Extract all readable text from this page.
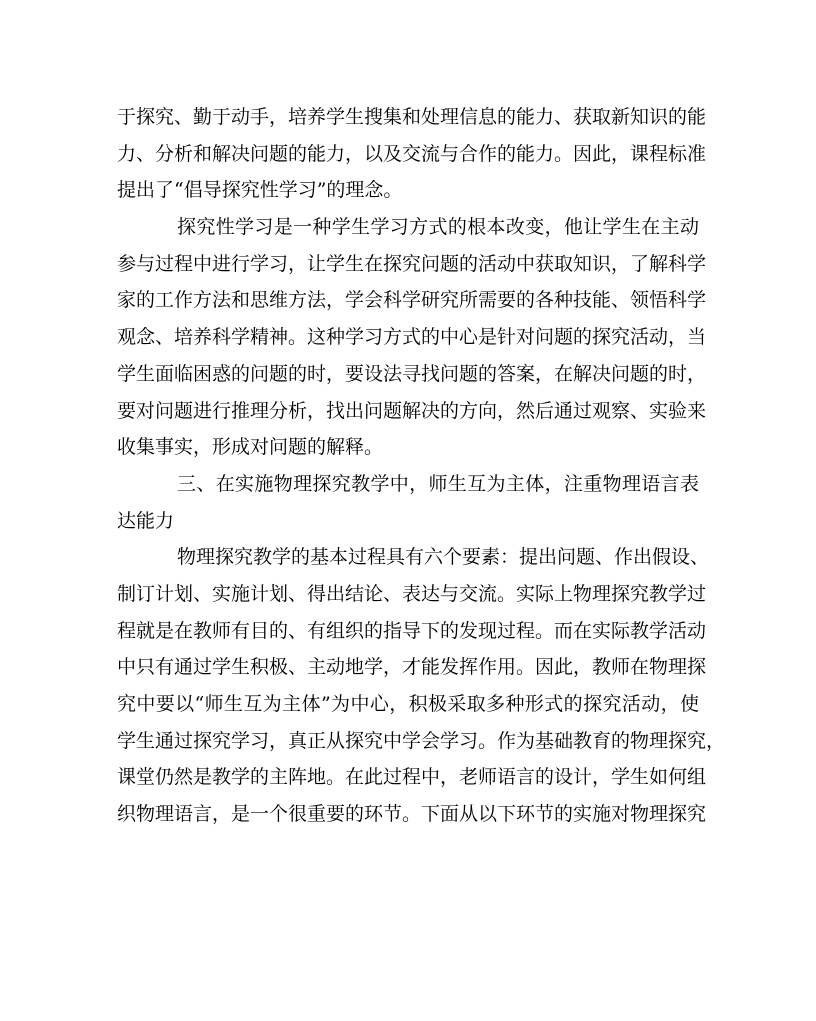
于探究、勤于动手，培养学生搜集和处理信息的能力、获取新知识的能
力、分析和解决问题的能力，以及交流与合作的能力。因此，课程标准
提出了“倡导探究性学习”的理念。
探究性学习是一种学生学习方式的根本改变，他让学生在主动
参与过程中进行学习，让学生在探究问题的活动中获取知识，了解科学
家的工作方法和思维方法，学会科学研究所需要的各种技能、领悟科学
观念、培养科学精神。这种学习方式的中心是针对问题的探究活动，当
学生面临困惑的问题的时，要设法寻找问题的答案，在解决问题的时，
要对问题进行推理分析，找出问题解决的方向，然后通过观察、实验来
收集事实，形成对问题的解释。
三、在实施物理探究教学中，师生互为主体，注重物理语言表
达能力
物理探究教学的基本过程具有六个要素：提出问题、作出假设、
制订计划、实施计划、得出结论、表达与交流。实际上物理探究教学过
程就是在教师有目的、有组织的指导下的发现过程。而在实际教学活动
中只有通过学生积极、主动地学，才能发挥作用。因此，教师在物理探
究中要以“师生互为主体”为中心，积极采取多种形式的探究活动，使
学生通过探究学习，真正从探究中学会学习。作为基础教育的物理探究，
课堂仍然是教学的主阵地。在此过程中，老师语言的设计，学生如何组
织物理语言，是一个很重要的环节。下面从以下环节的实施对物理探究
